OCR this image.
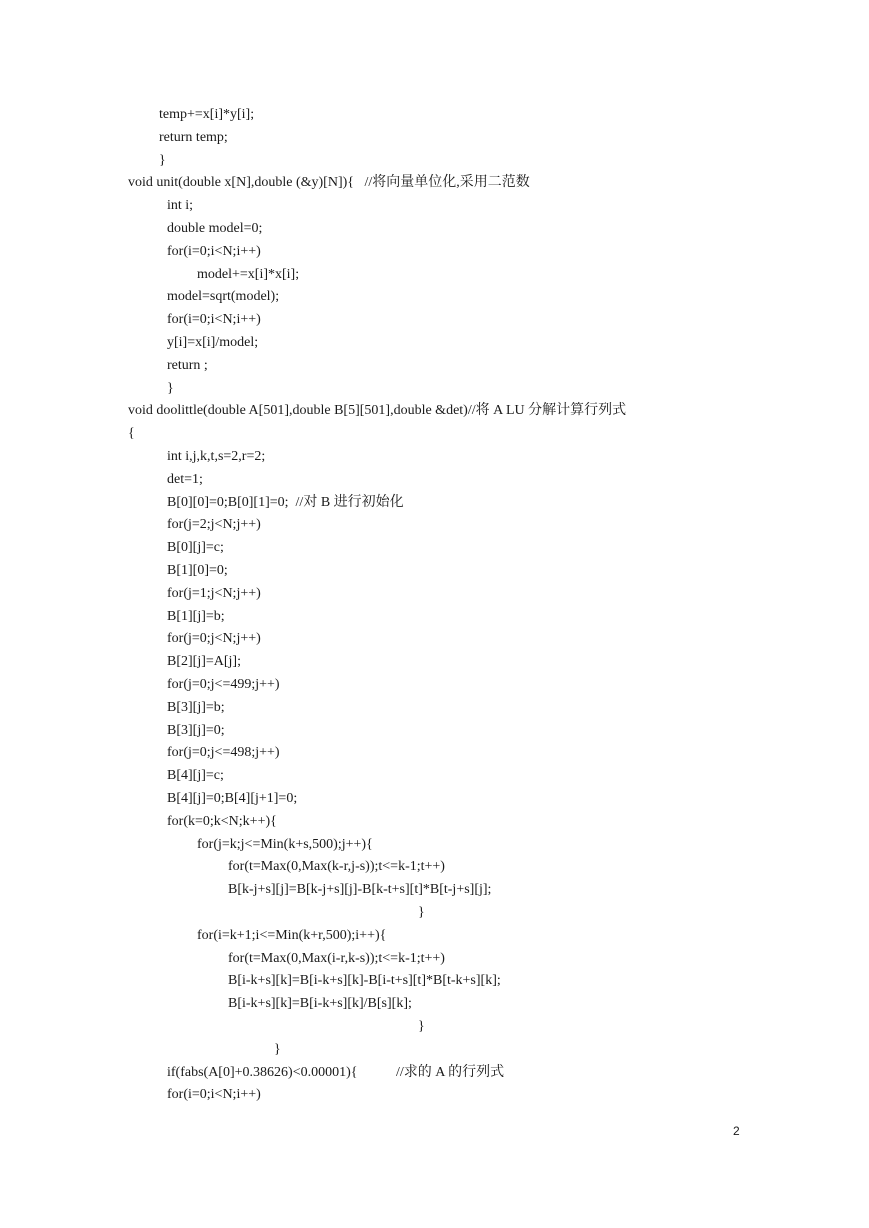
temp+=x[i]*y[i];
return temp;
}
void unit(double x[N],double (&y)[N]){   //将向量单位化,采用二范数
int i;
double model=0;
for(i=0;i<N;i++)
model+=x[i]*x[i];
model=sqrt(model);
for(i=0;i<N;i++)
y[i]=x[i]/model;
return ;
}
void doolittle(double A[501],double B[5][501],double &det)//将 A LU 分解计算行列式
{
int i,j,k,t,s=2,r=2;
det=1;
B[0][0]=0;B[0][1]=0;  //对 B 进行初始化
for(j=2;j<N;j++)
B[0][j]=c;
B[1][0]=0;
for(j=1;j<N;j++)
B[1][j]=b;
for(j=0;j<N;j++)
B[2][j]=A[j];
for(j=0;j<=499;j++)
B[3][j]=b;
B[3][j]=0;
for(j=0;j<=498;j++)
B[4][j]=c;
B[4][j]=0;B[4][j+1]=0;
for(k=0;k<N;k++){
for(j=k;j<=Min(k+s,500);j++){
for(t=Max(0,Max(k-r,j-s));t<=k-1;t++)
B[k-j+s][j]=B[k-j+s][j]-B[k-t+s][t]*B[t-j+s][j];
}
for(i=k+1;i<=Min(k+r,500);i++){
for(t=Max(0,Max(i-r,k-s));t<=k-1;t++)
B[i-k+s][k]=B[i-k+s][k]-B[i-t+s][t]*B[t-k+s][k];
B[i-k+s][k]=B[i-k+s][k]/B[s][k];
}
}
if(fabs(A[0]+0.38626)<0.00001){           //求的 A 的行列式
for(i=0;i<N;i++)
2
